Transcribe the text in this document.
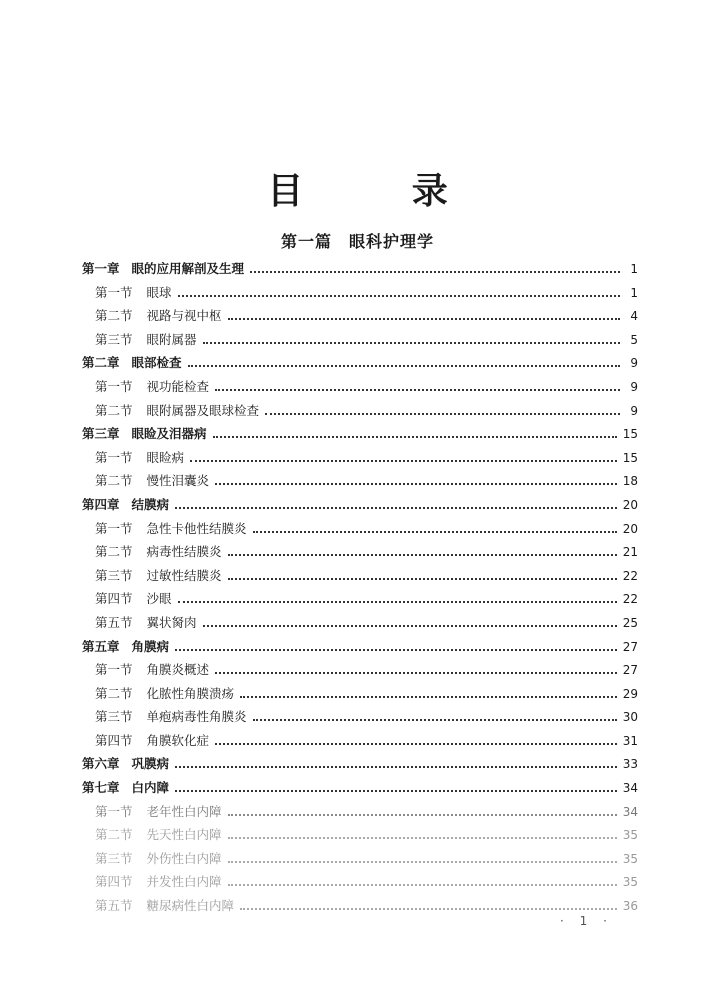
目 录
第一篇　眼科护理学
第一章 眼的应用解剖及生理	1
第一节 眼球	1
第二节 视路与视中枢	4
第三节 眼附属器	5
第二章 眼部检查	9
第一节 视功能检查	9
第二节 眼附属器及眼球检查	9
第三章 眼睑及泪器病	15
第一节 眼睑病	15
第二节 慢性泪囊炎	18
第四章 结膜病	20
第一节 急性卡他性结膜炎	20
第二节 病毒性结膜炎	21
第三节 过敏性结膜炎	22
第四节 沙眼	22
第五节 翼状胬肉	25
第五章 角膜病	27
第一节 角膜炎概述	27
第二节 化脓性角膜溃疡	29
第三节 单疱病毒性角膜炎	30
第四节 角膜软化症	31
第六章 巩膜病	33
第七章 白内障	34
第一节 老年性白内障	34
第二节 先天性白内障	35
第三节 外伤性白内障	35
第四节 并发性白内障	35
第五节 糖尿病性白内障	36
· 1 ·
